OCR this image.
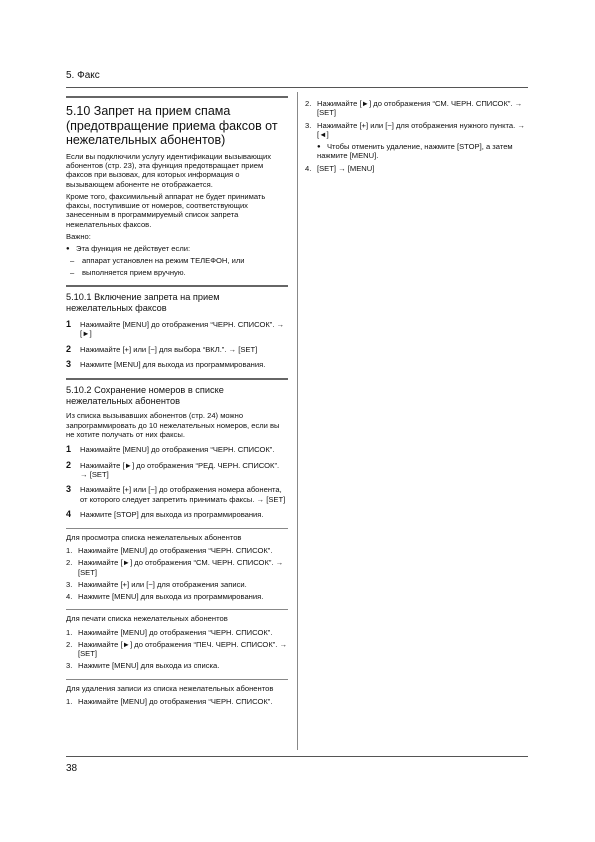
5. Факс
5.10 Запрет на прием спама (предотвращение приема факсов от нежелательных абонентов)

Если вы подключили услугу идентификации вызывающих абонентов (стр. 23), эта функция предотвращает прием факсов при вызовах, для которых информация о вызывающем абоненте не отображается.

Кроме того, факсимильный аппарат не будет принимать факсы, поступившие от номеров, соответствующих занесенным в программируемый список запрета нежелательных факсов.

Важно:

● Эта функция не действует если:
– аппарат установлен на режим ТЕЛЕФОН, или
– выполняется прием вручную.
5.10.1 Включение запрета на прием нежелательных факсов
1	Нажимайте [MENU] до отображения “ЧЕРН. СПИСОК”. → [►]
2	Нажимайте [+] или [−] для выбора “ВКЛ.”. → [SET]
3	Нажмите [MENU] для выхода из программирования.
5.10.2 Сохранение номеров в списке нежелательных абонентов

Из списка вызывавших абонентов (стр. 24) можно запрограммировать до 10 нежелательных номеров, если вы не хотите получать от них факсы.

1	Нажимайте [MENU] до отображения “ЧЕРН. СПИСОК”.
2	Нажимайте [►] до отображения “РЕД. ЧЕРН. СПИСОК”. → [SET]
3	Нажимайте [+] или [−] до отображения номера абонента, от которого следует запретить принимать факсы. → [SET]
4	Нажмите [STOP] для выхода из программирования.
Для просмотра списка нежелательных абонентов
1. Нажимайте [MENU] до отображения “ЧЕРН. СПИСОК”.
2. Нажимайте [►] до отображения “СМ. ЧЕРН. СПИСОК”. → [SET]
3. Нажимайте [+] или [−] для отображения записи.
4. Нажмите [MENU] для выхода из программирования.
Для печати списка нежелательных абонентов
1. Нажимайте [MENU] до отображения “ЧЕРН. СПИСОК”.
2. Нажимайте [►] до отображения “ПЕЧ. ЧЕРН. СПИСОК”. → [SET]
3. Нажмите [MENU] для выхода из списка.
Для удаления записи из списка нежелательных абонентов
1. Нажимайте [MENU] до отображения “ЧЕРН. СПИСОК”.
2. Нажимайте [►] до отображения “СМ. ЧЕРН. СПИСОК”. → [SET]
3. Нажимайте [+] или [−] для отображения нужного пункта. → [◄]
● Чтобы отменить удаление, нажмите [STOP], а затем нажмите [MENU].
4. [SET] → [MENU]
38
